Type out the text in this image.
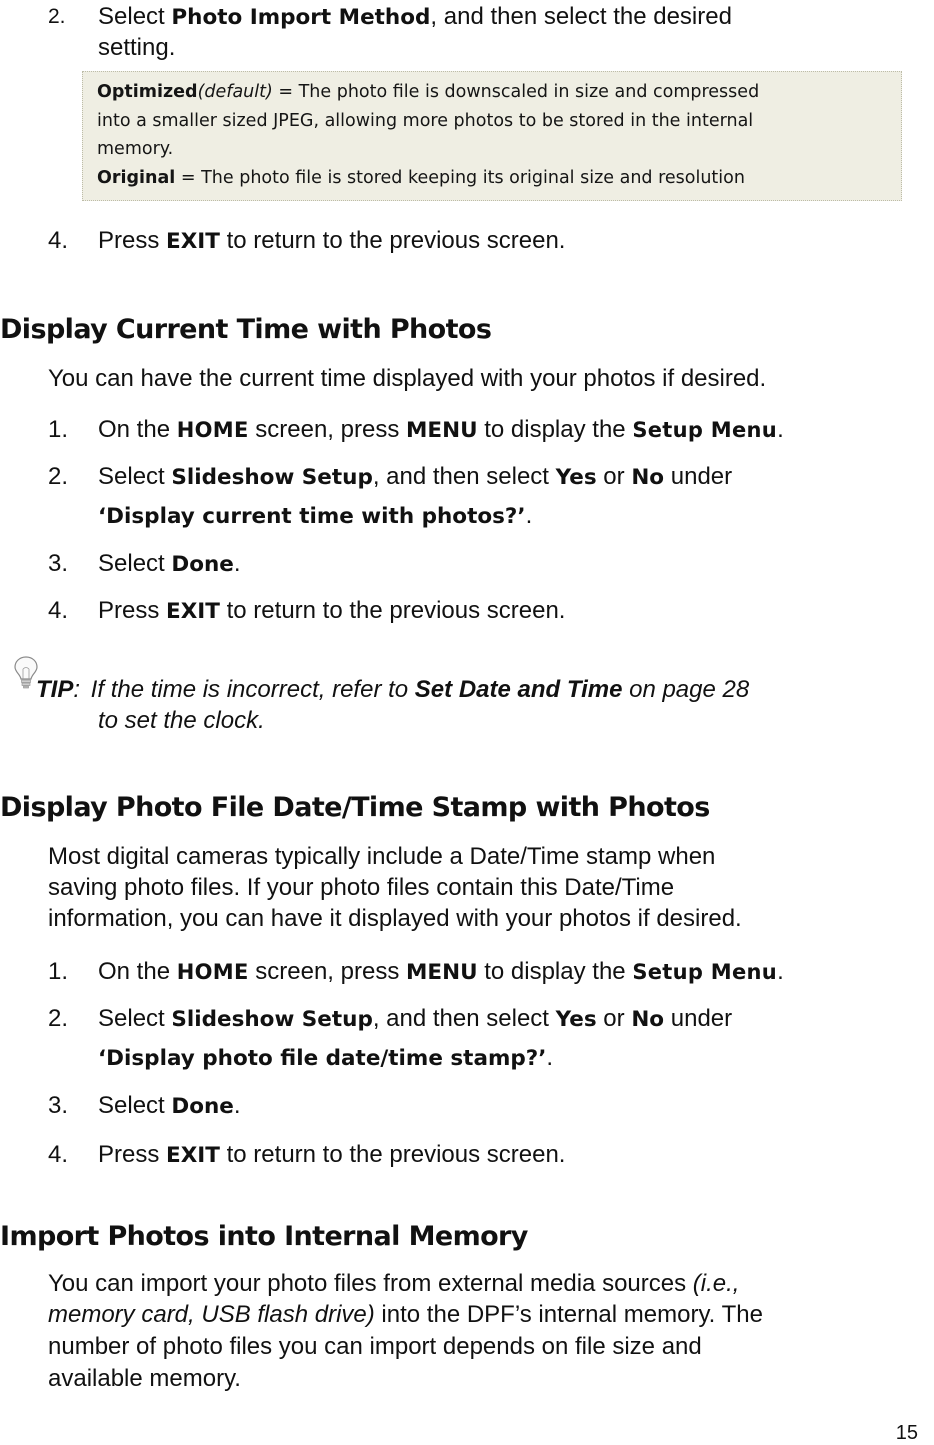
2. Select Photo Import Method, and then select the desired
setting.
Optimized(default) = The photo file is downscaled in size and compressed
into a smaller sized JPEG, allowing more photos to be stored in the internal
memory.
Original = The photo file is stored keeping its original size and resolution
4. Press EXIT to return to the previous screen.
Display Current Time with Photos
You can have the current time displayed with your photos if desired.
1. On the HOME screen, press MENU to display the Setup Menu.
2. Select Slideshow Setup, and then select Yes or No under
‘Display current time with photos?’.
3. Select Done.
4. Press EXIT to return to the previous screen.
TIP: If the time is incorrect, refer to Set Date and Time on page 28
to set the clock.
Display Photo File Date/Time Stamp with Photos
Most digital cameras typically include a Date/Time stamp when
saving photo files. If your photo files contain this Date/Time
information, you can have it displayed with your photos if desired.
1. On the HOME screen, press MENU to display the Setup Menu.
2. Select Slideshow Setup, and then select Yes or No under
‘Display photo file date/time stamp?’.
3. Select Done.
4. Press EXIT to return to the previous screen.
Import Photos into Internal Memory
You can import your photo files from external media sources (i.e.,
memory card, USB flash drive) into the DPF’s internal memory. The
number of photo files you can import depends on file size and
available memory.
15
